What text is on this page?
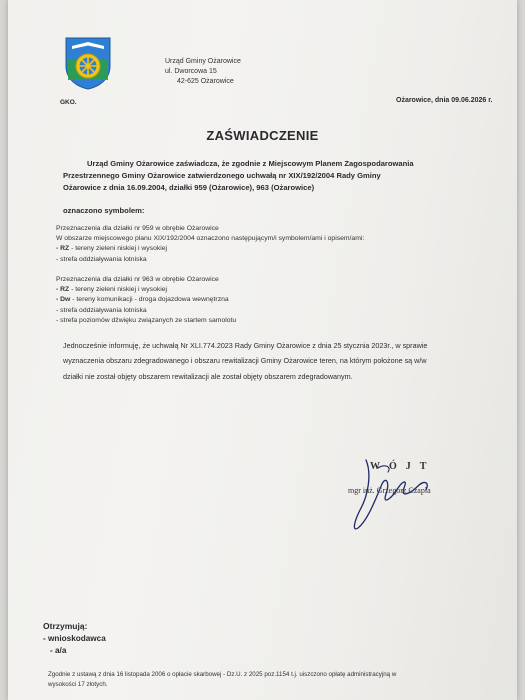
Urząd Gminy Ożarowice
ul. Dworcowa 15
42-625 Ożarowice
GKO.	Ożarowice, dnia 09.06.2026 r.
ZAŚWIADCZENIE
Urząd Gminy Ożarowice zaświadcza, że zgodnie z Miejscowym Planem Zagospodarowania
Przestrzennego Gminy Ożarowice zatwierdzonego uchwałą nr XIX/192/2004 Rady Gminy
Ożarowice z dnia 16.09.2004, działki 959 (Ożarowice), 963 (Ożarowice)
oznaczono symbolem:
Przeznaczenia dla działki nr 959 w obrębie Ożarowice
W obszarze miejscowego planu XIX/192/2004 oznaczono następującym/i symbolem/ami i opisem/ami:
- RZ - tereny zieleni niskiej i wysokiej
- strefa oddziaływania lotniska
Przeznaczenia dla działki nr 963 w obrębie Ożarowice
- RZ - tereny zieleni niskiej i wysokiej
- Dw - tereny komunikacji - droga dojazdowa wewnętrzna
- strefa oddziaływania lotniska
- strefa poziomów dźwięku związanych ze startem samolotu
Jednocześnie informuję, że uchwałą Nr XLI.774.2023 Rady Gminy Ożarowice z dnia 25 stycznia 2023r., w sprawie
wyznaczenia obszaru zdegradowanego i obszaru rewitalizacji Gminy Ożarowice teren, na którym położone są w/w
działki nie został objęty obszarem rewitalizacji ale został objęty obszarem zdegradowanym.
WÓJT
mgr inż. Grzegorz Czapla
Otrzymują:
- wnioskodawca
- a/a
Zgodnie z ustawą z dnia 16 listopada 2006 o opłacie skarbowej - Dz.U. z 2025 poz.1154 t.j. uiszczono opłatę administracyjną w
wysokości 17 złotych.
